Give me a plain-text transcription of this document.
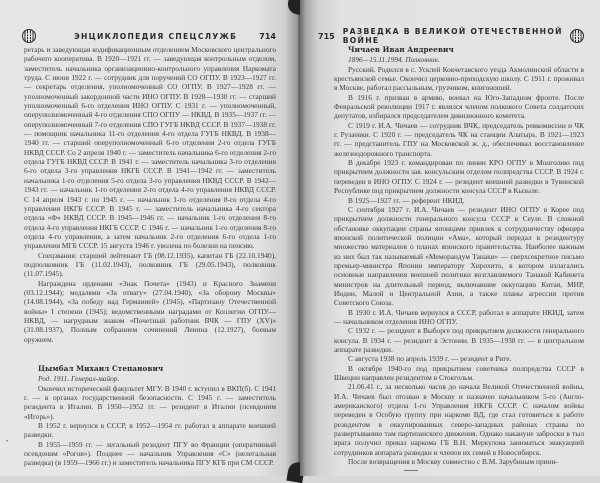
ЭНЦИКЛОПЕДИЯ СПЕЦСЛУЖБ	714

ретарь и заведующая кодификационным отделением Московского центрального рабочего кооператива. В 1920—1921 гг. — заведующая контрольным отделом, заместитель начальника организационно-контрольного управления Наркомата труда. С июня 1922 г. — сотрудник для поручений СО ОГПУ. В 1923—1927 гг. — секретарь отделения, уполномоченный СО ОГПУ. В 1927—1928 гг. — уполномоченный закордонной части ИНО ОГПУ. В 1928—1930 гг. — старший уполномоченный 6-го отделения ИНО ОГПУ. С 1931 г. — уполномоченный, оперуполномоченный 4-го отделения СПО ОГПУ — НКВД. В 1935—1937 гг. — оперуполномоченный 7-го отделения СПО ГУГБ НКВД СССР. В 1937—1938 гг. — помощник начальника 11-го отделения 4-го отдела ГУГБ НКВД. В 1938—1940 гг. — старший оперуполномоченный 6-го отделения 2-го отдела ГУГБ НКВД СССР. Со 2 апреля 1940 г. — заместитель начальника 6-го отделения 2-го отдела ГУГБ НКВД СССР. В 1941 г. — заместитель начальника 3-го отделения 6-го отдела 3-го управления НКГБ СССР. В 1941—1942 гг. — заместитель начальника 1-го отделения 5-го отдела 3-го управления НКВД СССР. В 1942—1943 гг. — начальник 1-го отделения 2-го отдела 4-го управления НКВД СССР. С 14 апреля 1943 г. по 1945 г. — начальник 1-го отделения 8-го отдела 4-го управления НКГБ СССР. В 1945 г. — заместитель начальника 4-го сектора отдела «Ф» НКВД СССР. В 1945—1946 гг. — начальник 1-го отделения 8-го отдела 4-го управления НКГБ СССР. С 1946 г. — начальник 1-го отделения 8-го отдела 4-го управления, а затем начальник 2-го отделения 6-го отдела 1-го управления МГБ СССР. 15 августа 1946 г. уволена по болезни на пенсию.

Спецзвания: старший лейтенант ГБ (08.12.1935), капитан ГБ (22.10.1940), подполковник ГБ (11.02.1943), полковник ГБ (29.05.1943), полковник (11.07.1945).

Награждена орденами «Знак Почета» (1943) и Красного Знамени (03.12.1944); медалями «За отвагу» (27.04.1940), «За оборону Москвы» (14.08.1944), «За победу над Германией» (1945), «Партизану Отечественной войны» I степени (1945); ведомственными наградами от Коллегии ОГПУ—НКВД, — нагрудным знаком «Почетный работник ВЧК — ГПУ (XV)» (31.08.1937), Полным собранием сочинений Ленина (12.1927), боевым оружием.

Цымбал Михаил Степанович
Род. 1911. Генерал-майор.

Окончил исторический факультет МГУ. В 1940 г. вступил в ВКП(б). С 1941 г. — в органах государственной безопасности. С 1945 г. — заместитель резидента в Италии. В 1950—1952 гг. — резидент в Италии (псевдоним «Игорь»).

В 1952 г. вернулся в СССР, в 1952—1954 гг. работал в аппарате внешней разведки.

В 1955—1959 гг. — легальный резидент ПГУ во Франции (оперативный псевдоним «Рогов»). Позднее — начальник Управления «С» (нелегальная разведка) (в 1959—1966 гг.) и заместитель начальника ПГУ КГБ при СМ СССР.

•
715 РАЗВЕДКА В ВЕЛИКОЙ ОТЕЧЕСТВЕННОЙ ВОЙНЕ
Чичаев Иван Андреевич
1896—15.11.1994. Полковник.

Русский. Родился в с. Усклей Кокчетавского уезда Акмолинской области в крестьянской семье. Окончил церковно-приходскую школу. С 1911 г. проживал в Москве, работал рассыльным, грузчиком, книгоношей.

В 1916 г. призван в армию, воевал на Юго-Западном фронте. После Февральской революции 1917 г. являлся членом полкового Совета солдатских депутатов, избирался председателем дивизионного комитета.

С 1919 г. И.А. Чичаев — сотрудник ВЧК, председатель ревкомиссии и ЧК г. Рузаевки. С 1920 г. — председатель ЧК на станции Алатырь. В 1921—1923 гг. — представитель ГПУ на Московской ж. д., обеспечивал восстановление железнодорожного транспорта.

В декабре 1923 г. командирован по линии КРО ОГПУ в Монголию под прикрытием должности зав. консульским отделом полпредства СССР. В 1924 г. переведен в ИНО ОГПУ. С 1924 г. — резидент внешней разведки в Тувинской Республике под прикрытием должности консула СССР в Кызыле.

В 1925—1927 гг. — референт НКИД.

С сентября 1927 г. И.А. Чичаев — резидент ИНО ОГПУ в Корее под прикрытием должности генерального консула СССР в Сеуле. В сложной обстановке оккупации страны японцами привлек к сотрудничеству офицера японской политической полиции «Ама», который передал в резидентуру множество материалов о планах японского правительства. Наиболее важным из них был так называемый «Меморандум Танаки» — сверхсекретное письмо премьер-министра Японии императору Хирохито, в котором излагались основные направления внешней политики возглавляемого Танакой Кабинета министров на длительный период, включавшие оккупацию Китая, МНР, Индии, Малой и Центральной Азии, а также планы агрессии против Советского Союза.

В 1930 г. И.А. Чичаев вернулся в СССР, работал в аппарате НКИД, затем — начальником отделения ИНО ОГПУ.

С 1932 г. — резидент в Выборге под прикрытием должности генерального консула. В 1934 г. — резидент в Эстонии. В 1935—1938 гг. — в центральном аппарате разведки.

С августа 1938 по апрель 1939 г. — резидент в Риге.

В октябре 1940-го под прикрытием советника полпредства СССР в Швеции направлен резидентом в Стокгольм.

21.06.41 г., за несколько часов до начала Великой Отечественной войны, И.А. Чичаев был отозван в Москву и назначен начальником 5-го (Англо-американского) отдела 1-го Управления НКГБ СССР. С началом войны переведен в Особую группу при наркоме ВД, где стал готовиться к работе резидентом в оккупированных северо-западных районах страны по развертыванию там партизанского движения. Однако накануне заброски в тыл врага получил приказ наркома ГБ В.Н. Меркулова заниматься эвакуацией сотрудников аппарата разведки и членов их семей в Новосибирск.

После возвращения в Москву совместно с В.М. Зарубиным прини-
